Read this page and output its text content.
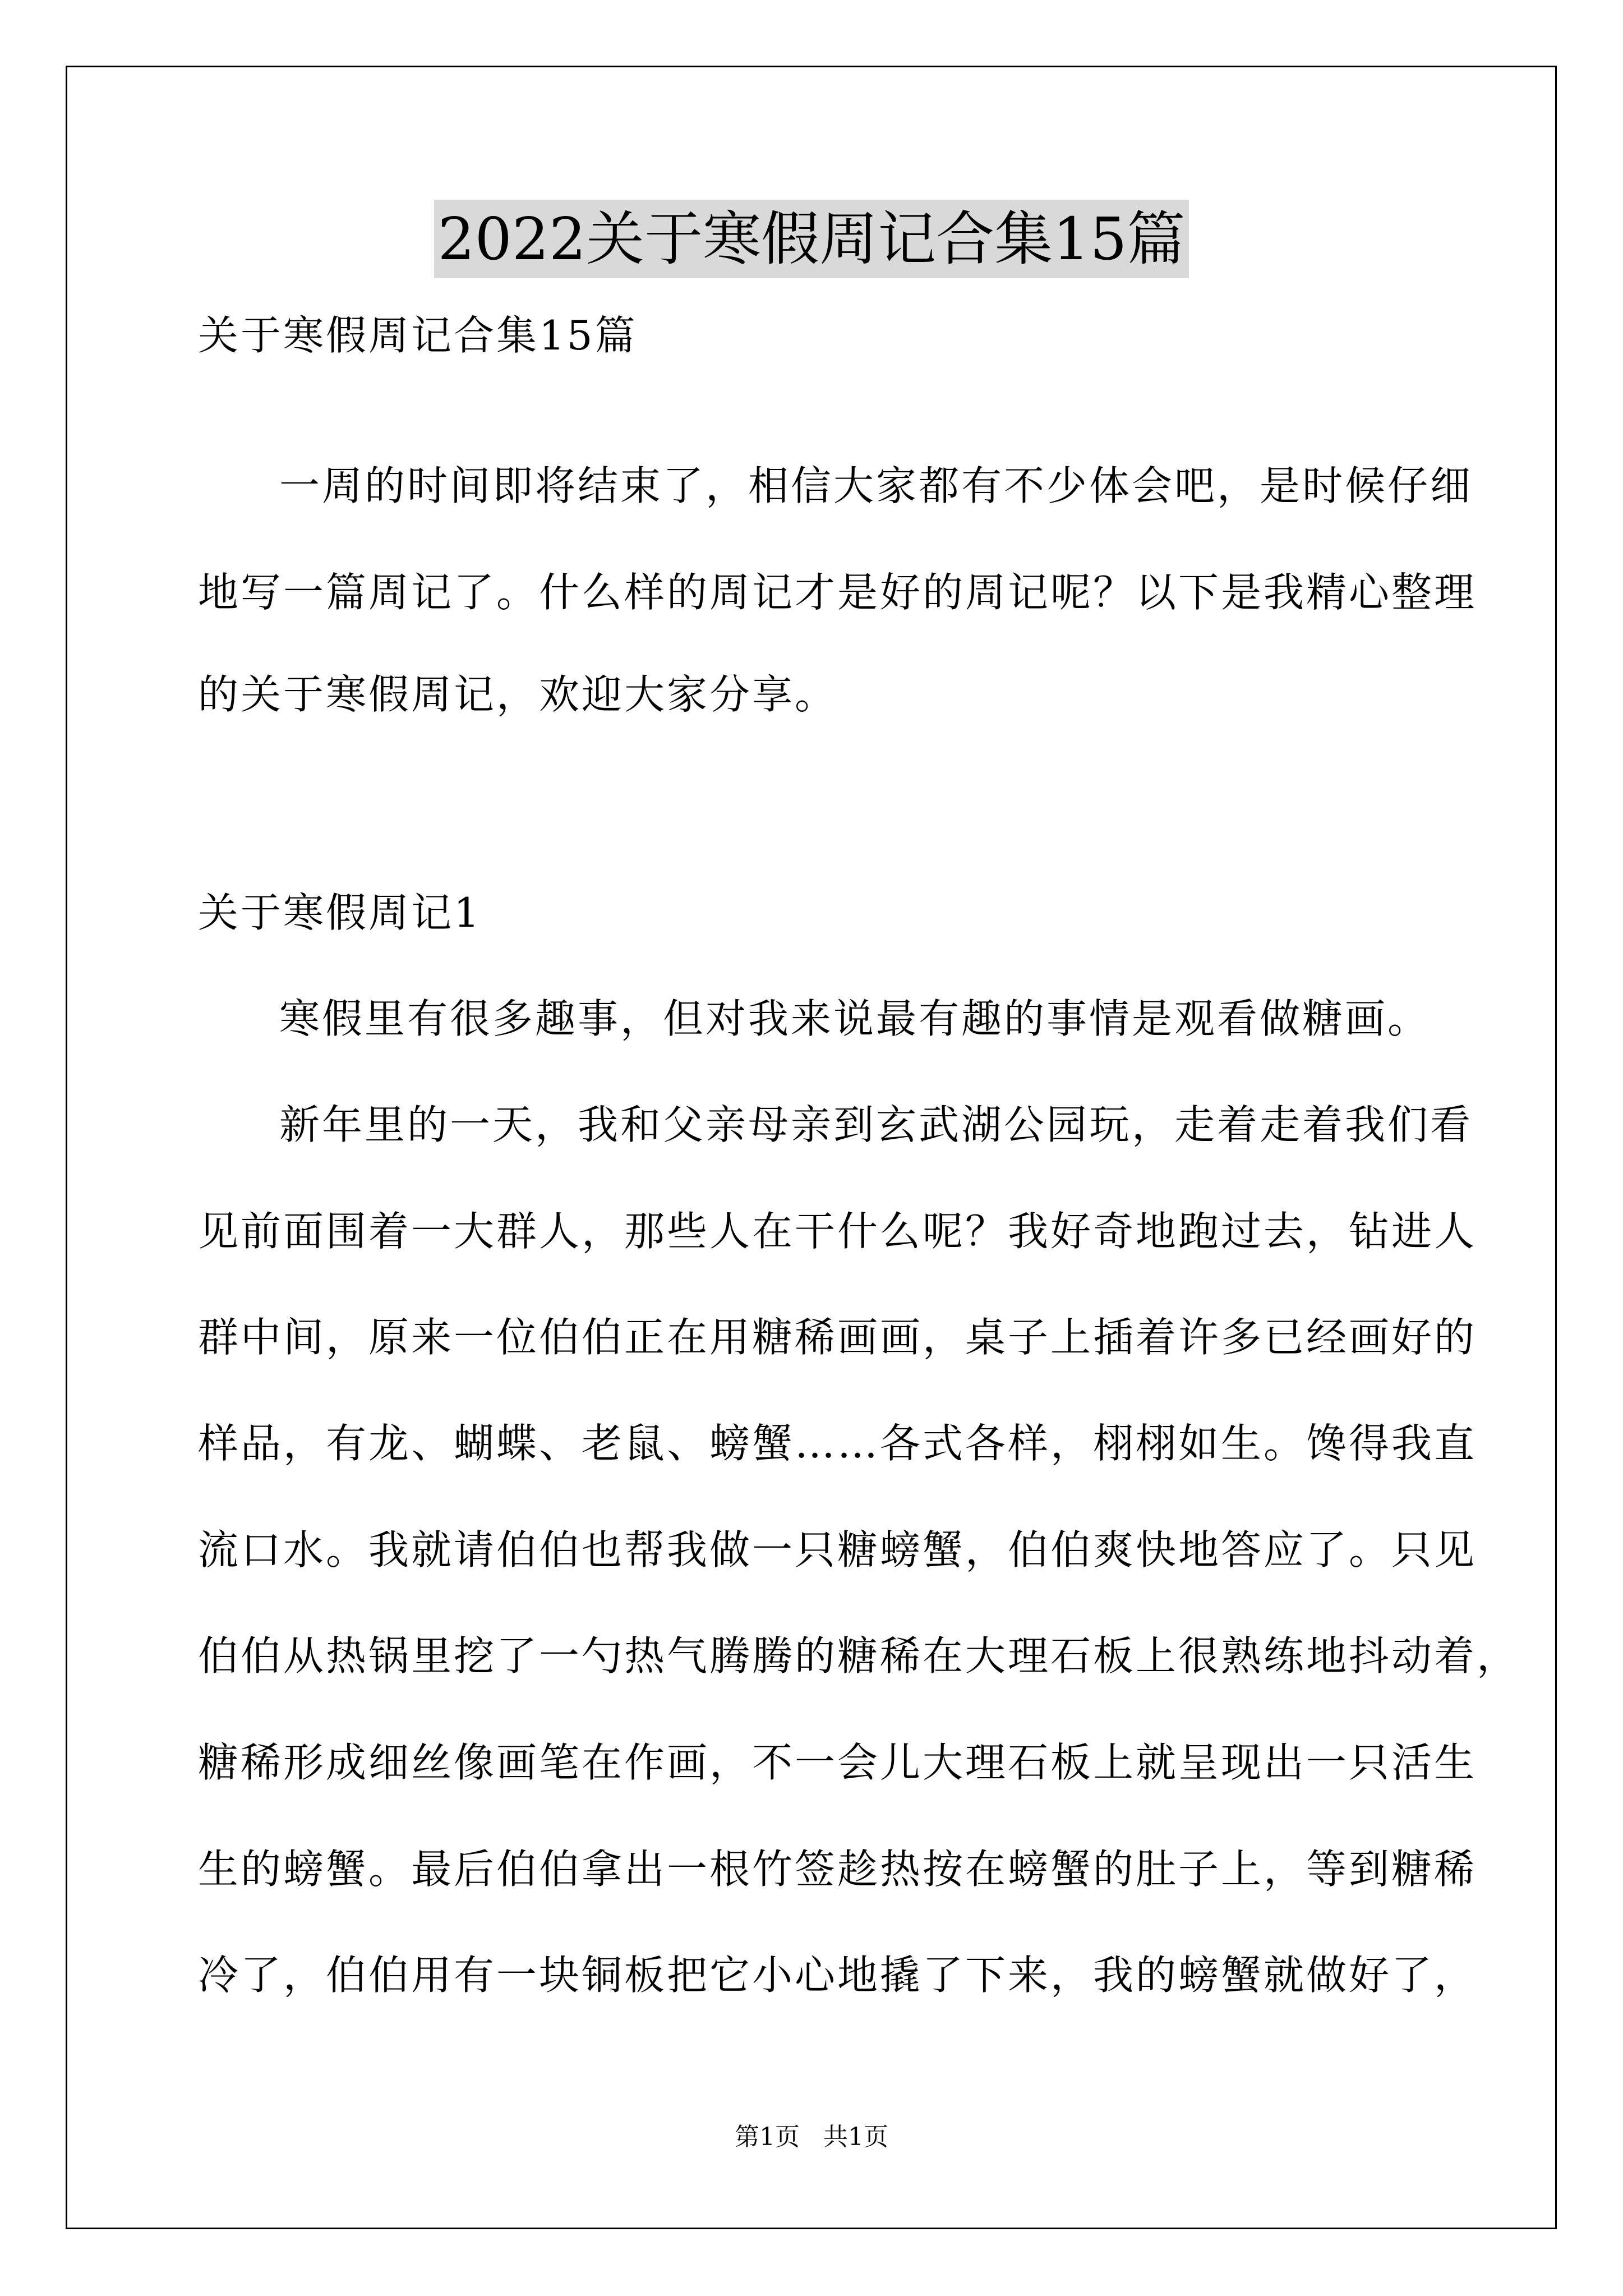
2022关于寒假周记合集15篇
关于寒假周记合集15篇
一周的时间即将结束了，相信大家都有不少体会吧，是时候仔细
地写一篇周记了。什么样的周记才是好的周记呢？以下是我精心整理
的关于寒假周记，欢迎大家分享。
关于寒假周记1
寒假里有很多趣事，但对我来说最有趣的事情是观看做糖画。
新年里的一天，我和父亲母亲到玄武湖公园玩，走着走着我们看
见前面围着一大群人，那些人在干什么呢？我好奇地跑过去，钻进人
群中间，原来一位伯伯正在用糖稀画画，桌子上插着许多已经画好的
样品，有龙、蝴蝶、老鼠、螃蟹……各式各样，栩栩如生。馋得我直
流口水。我就请伯伯也帮我做一只糖螃蟹，伯伯爽快地答应了。只见
伯伯从热锅里挖了一勺热气腾腾的糖稀在大理石板上很熟练地抖动着，
糖稀形成细丝像画笔在作画，不一会儿大理石板上就呈现出一只活生
生的螃蟹。最后伯伯拿出一根竹签趁热按在螃蟹的肚子上，等到糖稀
冷了，伯伯用有一块铜板把它小心地撬了下来，我的螃蟹就做好了，
第1页   共1页
